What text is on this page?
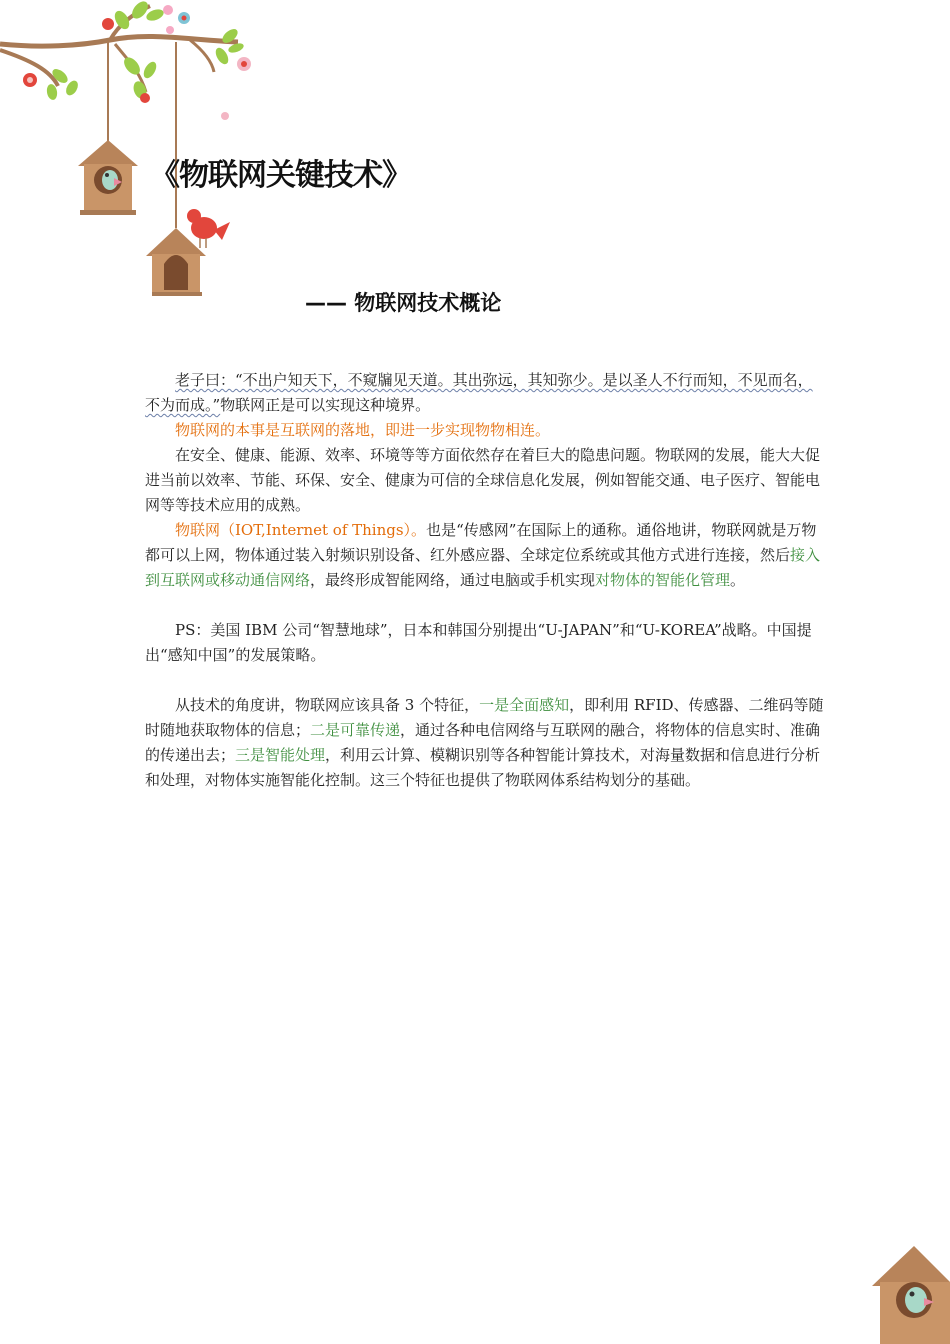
《物联网关键技术》
—— 物联网技术概论

老子曰：“不出户知天下，不窥牖见天道。其出弥远，其知弥少。是以圣人不行而知，不见而名，不为而成。”物联网正是可以实现这种境界。

物联网的本事是互联网的落地，即进一步实现物物相连。

在安全、健康、能源、效率、环境等等方面依然存在着巨大的隐患问题。物联网的发展，能大大促进当前以效率、节能、环保、安全、健康为可信的全球信息化发展，例如智能交通、电子医疗、智能电网等等技术应用的成熟。

物联网（IOT,Internet of Things）。也是“传感网”在国际上的通称。通俗地讲，物联网就是万物都可以上网，物体通过装入射频识别设备、红外感应器、全球定位系统或其他方式进行连接，然后接入到互联网或移动通信网络，最终形成智能网络，通过电脑或手机实现对物体的智能化管理。

PS：美国 IBM 公司“智慧地球”，日本和韩国分别提出“U-JAPAN”和“U-KOREA”战略。中国提出“感知中国”的发展策略。

从技术的角度讲，物联网应该具备 3 个特征，一是全面感知，即利用 RFID、传感器、二维码等随时随地获取物体的信息；二是可靠传递，通过各种电信网络与互联网的融合，将物体的信息实时、准确的传递出去；三是智能处理，利用云计算、模糊识别等各种智能计算技术，对海量数据和信息进行分析和处理，对物体实施智能化控制。这三个特征也提供了物联网体系结构划分的基础。
